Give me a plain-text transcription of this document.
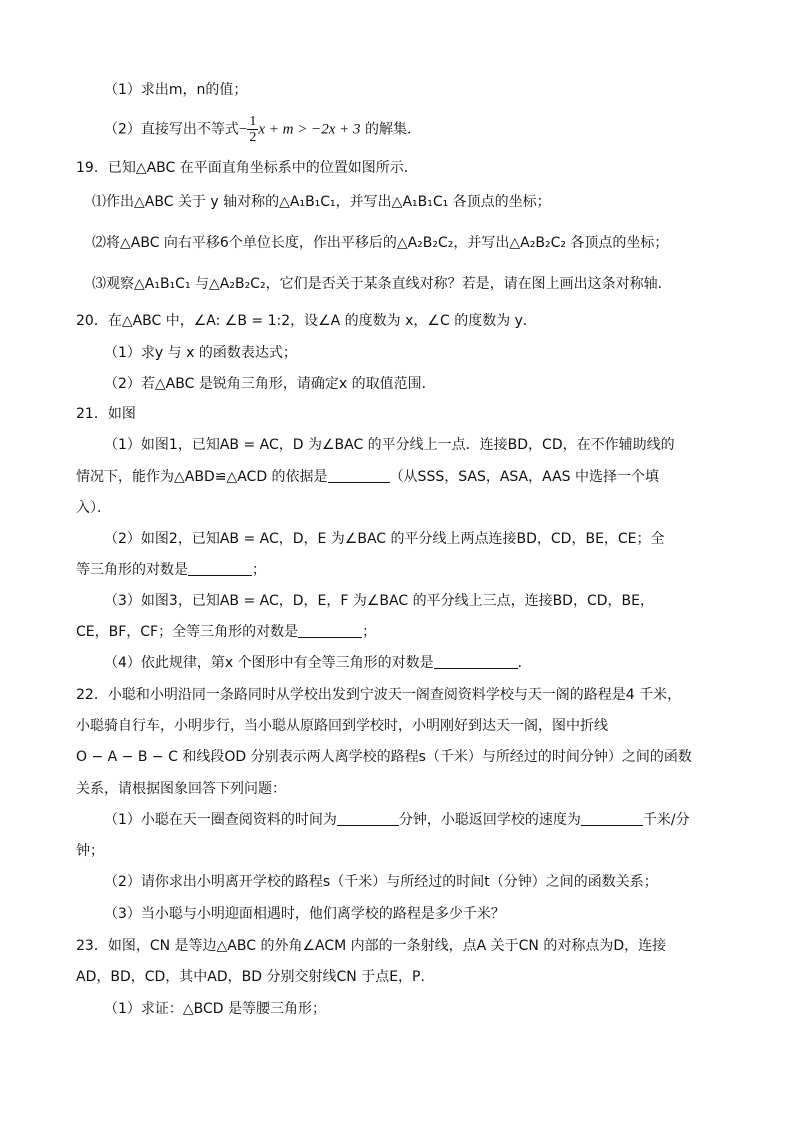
（1）求出m，n的值；
（2）直接写出不等式− $\frac{1}{2}$ x + m > −2x + 3 的解集．
19．已知△ABC 在平面直角坐标系中的位置如图所示．
⑴作出△ABC 关于 y 轴对称的△A₁B₁C₁，并写出△A₁B₁C₁ 各顶点的坐标；
⑵将△ABC 向右平移6个单位长度，作出平移后的△A₂B₂C₂，并写出△A₂B₂C₂ 各顶点的坐标；
⑶观察△A₁B₁C₁ 与△A₂B₂C₂，它们是否关于某条直线对称？若是，请在图上画出这条对称轴．
20．在△ABC 中，∠A: ∠B = 1:2，设∠A 的度数为 x，∠C 的度数为 y．
（1）求y 与 x 的函数表达式；
（2）若△ABC 是锐角三角形，请确定x 的取值范围．
21．如图
（1）如图1，已知AB = AC，D 为∠BAC 的平分线上一点．连接BD，CD，在不作辅助线的
情况下，能作为△ABD≌△ACD 的依据是	（从SSS，SAS，ASA，AAS 中选择一个填
入）．
（2）如图2，已知AB = AC，D，E 为∠BAC 的平分线上两点连接BD，CD，BE，CE；全
等三角形的对数是	；
（3）如图3，已知AB = AC，D，E，F 为∠BAC 的平分线上三点，连接BD，CD，BE，
CE，BF，CF；全等三角形的对数是	；
（4）依此规律，第x 个图形中有全等三角形的对数是	．
22．小聪和小明沿同一条路同时从学校出发到宁波天一阁查阅资料学校与天一阁的路程是4 千米，
小聪骑自行车，小明步行，当小聪从原路回到学校时，小明刚好到达天一阁，图中折线
O − A − B − C 和线段OD 分别表示两人离学校的路程s（千米）与所经过的时间分钟）之间的函数
关系，请根据图象回答下列问题：
（1）小聪在天一圈查阅资料的时间为	分钟，小聪返回学校的速度为	千米/分
钟；
（2）请你求出小明离开学校的路程s（千米）与所经过的时间t（分钟）之间的函数关系；
（3）当小聪与小明迎面相遇时，他们离学校的路程是多少千米？
23．如图，CN 是等边△ABC 的外角∠ACM 内部的一条射线，点A 关于CN 的对称点为D，连接
AD，BD，CD，其中AD，BD 分别交射线CN 于点E，P．
（1）求证：△BCD 是等腰三角形；
